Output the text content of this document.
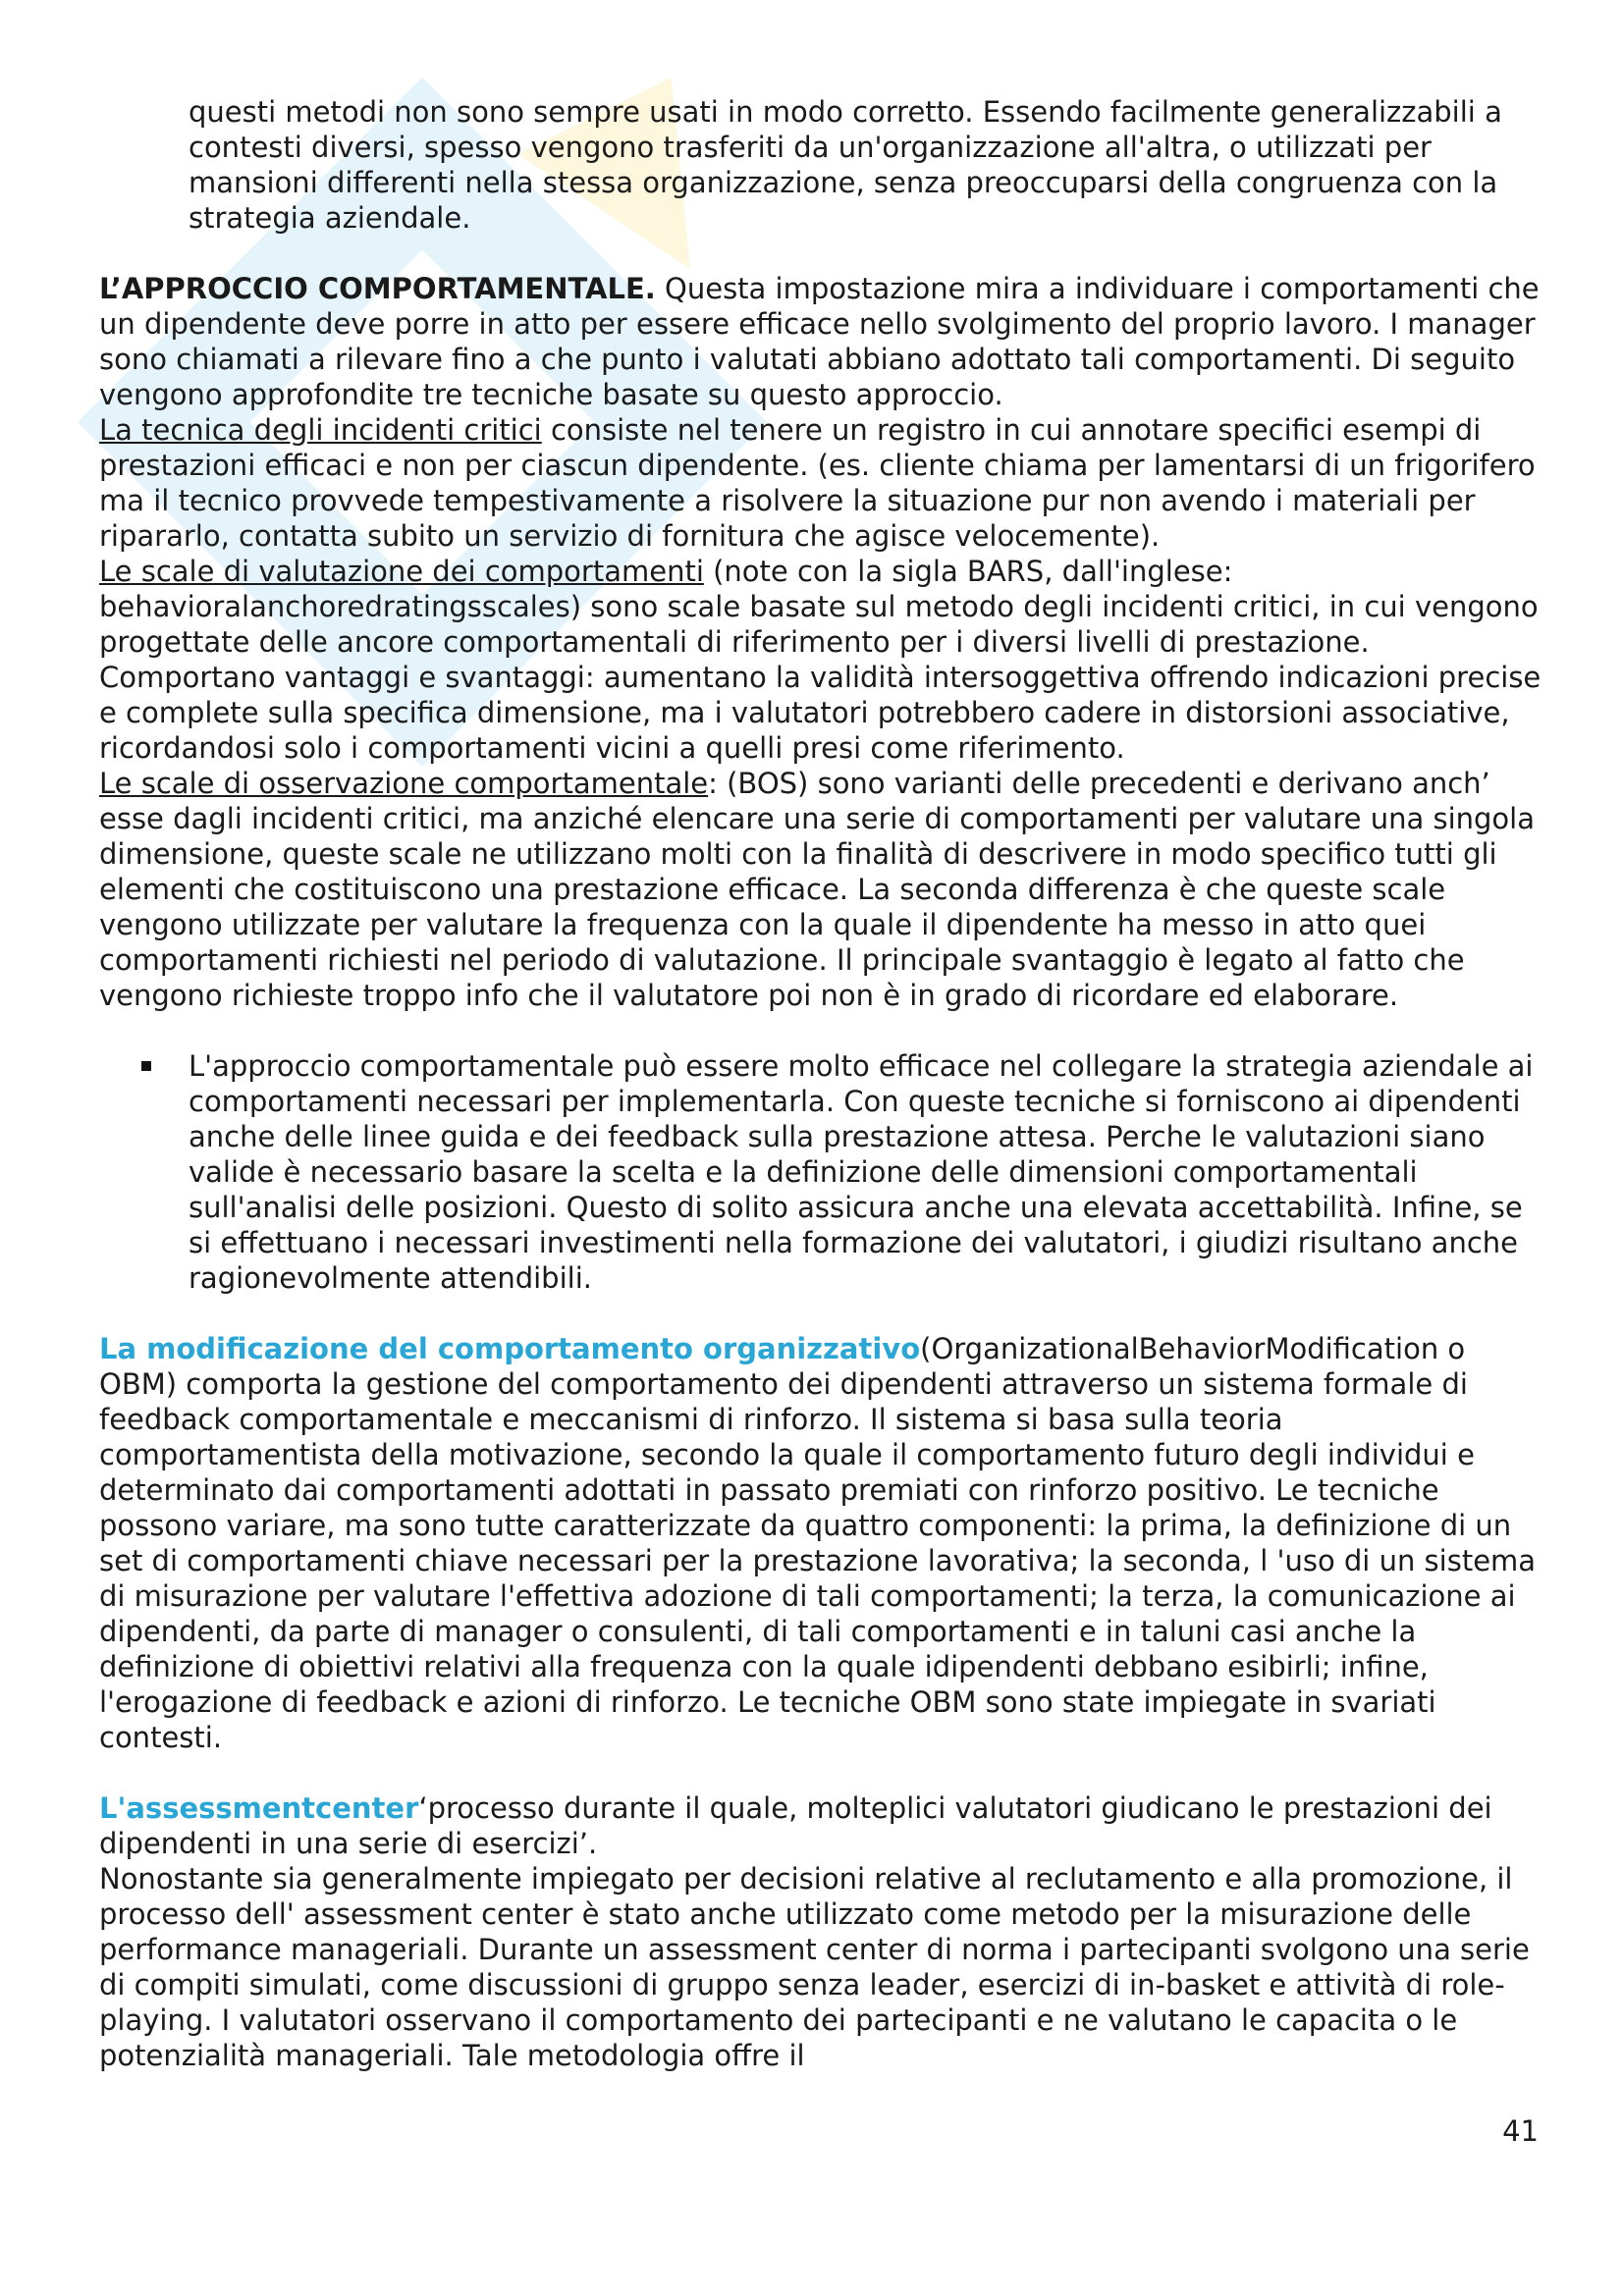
questi metodi non sono sempre usati in modo corretto. Essendo facilmente generalizzabili a contesti diversi, spesso vengono trasferiti da un'organizzazione all'altra, o utilizzati per mansioni differenti nella stessa organizzazione, senza preoccuparsi della congruenza con la strategia aziendale.

L’APPROCCIO COMPORTAMENTALE. Questa impostazione mira a individuare i comportamenti che un dipendente deve porre in atto per essere efficace nello svolgimento del proprio lavoro. I manager sono chiamati a rilevare fino a che punto i valutati abbiano adottato tali comportamenti. Di seguito vengono approfondite tre tecniche basate su questo approccio.

La tecnica degli incidenti critici consiste nel tenere un registro in cui annotare specifici esempi di prestazioni efficaci e non per ciascun dipendente. (es. cliente chiama per lamentarsi di un frigorifero ma il tecnico provvede tempestivamente a risolvere la situazione pur non avendo i materiali per ripararlo, contatta subito un servizio di fornitura che agisce velocemente).

Le scale di valutazione dei comportamenti (note con la sigla BARS, dall'inglese: behavioralanchoredratingsscales) sono scale basate sul metodo degli incidenti critici, in cui vengono progettate delle ancore comportamentali di riferimento per i diversi livelli di prestazione. Comportano vantaggi e svantaggi: aumentano la validità intersoggettiva offrendo indicazioni precise e complete sulla specifica dimensione, ma i valutatori potrebbero cadere in distorsioni associative, ricordandosi solo i comportamenti vicini a quelli presi come riferimento.

Le scale di osservazione comportamentale: (BOS) sono varianti delle precedenti e derivano anch’ esse dagli incidenti critici, ma anziché elencare una serie di comportamenti per valutare una singola dimensione, queste scale ne utilizzano molti con la finalità di descrivere in modo specifico tutti gli elementi che costituiscono una prestazione efficace. La seconda differenza è che queste scale vengono utilizzate per valutare la frequenza con la quale il dipendente ha messo in atto quei comportamenti richiesti nel periodo di valutazione. Il principale svantaggio è legato al fatto che vengono richieste troppo info che il valutatore poi non è in grado di ricordare ed elaborare.

L'approccio comportamentale può essere molto efficace nel collegare la strategia aziendale ai comportamenti necessari per implementarla. Con queste tecniche si forniscono ai dipendenti anche delle linee guida e dei feedback sulla prestazione attesa. Perche le valutazioni siano valide è necessario basare la scelta e la definizione delle dimensioni comportamentali sull'analisi delle posizioni. Questo di solito assicura anche una elevata accettabilità. Infine, se si effettuano i necessari investimenti nella formazione dei valutatori, i giudizi risultano anche ragionevolmente attendibili.

La modificazione del comportamento organizzativo(OrganizationalBehaviorModification o OBM) comporta la gestione del comportamento dei dipendenti attraverso un sistema formale di feedback comportamentale e meccanismi di rinforzo. Il sistema si basa sulla teoria comportamentista della motivazione, secondo la quale il comportamento futuro degli individui e determinato dai comportamenti adottati in passato premiati con rinforzo positivo. Le tecniche possono variare, ma sono tutte caratterizzate da quattro componenti: la prima, la definizione di un set di comportamenti chiave necessari per la prestazione lavorativa; la seconda, l 'uso di un sistema di misurazione per valutare l'effettiva adozione di tali comportamenti; la terza, la comunicazione ai dipendenti, da parte di manager o consulenti, di tali comportamenti e in taluni casi anche la definizione di obiettivi relativi alla frequenza con la quale idipendenti debbano esibirli; infine, l'erogazione di feedback e azioni di rinforzo. Le tecniche OBM sono state impiegate in svariati contesti.

L'assessmentcenter‘processo durante il quale, molteplici valutatori giudicano le prestazioni dei dipendenti in una serie di esercizi’.

Nonostante sia generalmente impiegato per decisioni relative al reclutamento e alla promozione, il processo dell' assessment center è stato anche utilizzato come metodo per la misurazione delle performance manageriali. Durante un assessment center di norma i partecipanti svolgono una serie di compiti simulati, come discussioni di gruppo senza leader, esercizi di in-basket e attività di role-playing. I valutatori osservano il comportamento dei partecipanti e ne valutano le capacita o le potenzialità manageriali. Tale metodologia offre il

41
